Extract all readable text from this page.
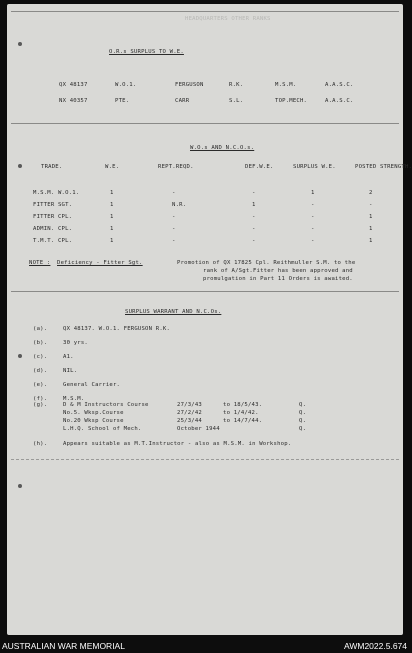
HEADQUARTERS OTHER RANKS
O.R.s SURPLUS TO W.E.
QX 48137	W.O.1.	FERGUSON	R.K.	M.S.M.	A.A.S.C.
NX 40357	PTE.	CARR	S.L.	TOP.MECH.	A.A.S.C.
W.O.s AND N.C.O.s.
TRADE.	W.E.	REPT.REQD.	DEF.W.E.	SURPLUS W.E.	POSTED STRENGTH.
M.S.M. W.O.1.	1	-	-	1	2
FITTER SGT.	1	N.R.	1	-	-
FITTER CPL.	1	-	-	-	1
ADMIN. CPL.	1	-	-	-	1
T.M.T. CPL.	1	-	-	-	1
NOTE : Deficiency - Fitter Sgt.	Promotion of QX 17825 Cpl. Reithmuller S.M. to the
rank of A/Sgt.Fitter has been approved and
promulgation in Part 11 Orders is awaited.
SURPLUS WARRANT AND N.C.Os.
(a).	QX 48137. W.O.1. FERGUSON R.K.
(b).	30 yrs.
(c).	A1.
(d).	NIL.
(e).	General Carrier.
(f).	M.S.M.
(g).	D & M Instructors Course	27/3/43	to 18/5/43.	Q.
No.5. Wksp.Course	27/2/42	to 1/4/42.	Q.
No.20 Wksp Course	25/3/44	to 14/7/44.	Q.
L.H.Q. School of Mech.	October 1944	Q.
(h).	Appears suitable as M.T.Instructor - also as M.S.M. in Workshop.
AUSTRALIAN WAR MEMORIAL	AWM2022.5.674
